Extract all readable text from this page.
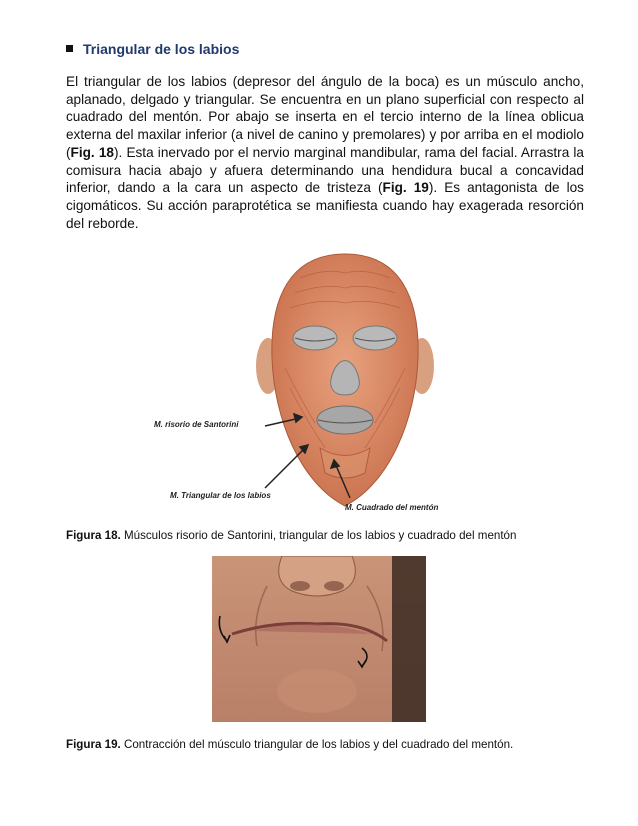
Triangular de los labios
El triangular de los labios (depresor del ángulo de la boca) es un músculo ancho, aplanado, delgado y triangular. Se encuentra en un plano superficial con respecto al cuadrado del mentón. Por abajo se inserta en el tercio interno de la línea oblicua externa del maxilar inferior (a nivel de canino y premolares) y por arriba en el modiolo (Fig. 18). Esta inervado por el nervio marginal mandibular, rama del facial. Arrastra la comisura hacia abajo y afuera determinando una hendidura bucal a concavidad inferior, dando a la cara un aspecto de tristeza (Fig. 19). Es antagonista de los cigomáticos. Su acción paraprotética se manifiesta cuando hay exagerada resorción del reborde.
M. risorio de Santorini
M. Triangular de los labios
M. Cuadrado del mentón
Figura 18. Músculos risorio de Santorini, triangular de los labios y cuadrado del mentón
Figura 19. Contracción del músculo triangular de los labios y del cuadrado del mentón.
